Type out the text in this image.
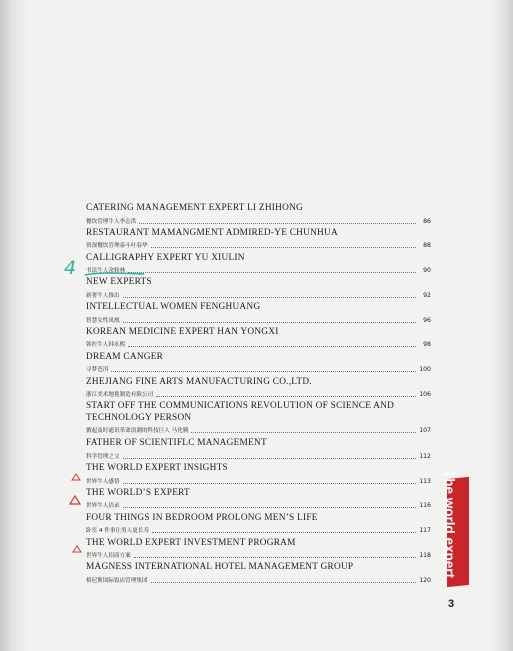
CATERING MANAGEMENT EXPERT LI ZHIHONG
餐饮管理牛人李志洪	86
RESTAURANT MAMANGMENT ADMIRED-YE CHUNHUA
资深餐饮管理泰斗叶春华	88
CALLIGRAPHY EXPERT YU XIULIN
书法牛人余修林	90
NEW EXPERTS
新奢牛人推出	92
INTELLECTUAL WOMEN FENGHUANG
智慧女性凤凰	96
KOREAN MEDICINE EXPERT HAN YONGXI
韩医牛人韩永熙	98
DREAM CANGER
寻梦苍洱	100
ZHEJIANG FINE ARTS MANUFACTURING CO.,LTD.
浙江美术地毯制造有限公司	106
START OFF THE COMMUNICATIONS REVOLUTION OF SCIENCE AND
TECHNOLOGY PERSON
掀起及时通讯革命浪潮的科技巨人 马化腾	107
FATHER OF SCIENTIFLC MANAGEMENT
科学管理之父	112
THE WORLD EXPERT INSIGHTS
世界牛人感悟	113
THE WORLD’S EXPERT
世界牛人语录	116
FOUR THINGS IN BEDROOM PROLONG MEN’S LIFE
卧室 4 件事让男人更长寿	117
THE WORLD EXPERT INVESTMENT PROGRAM
世界牛人招商方案	118
MAGNESS INTERNATIONAL HOTEL MANAGEMENT GROUP
格尼斯国际饭店管理集团	120
4
The world expert
3
